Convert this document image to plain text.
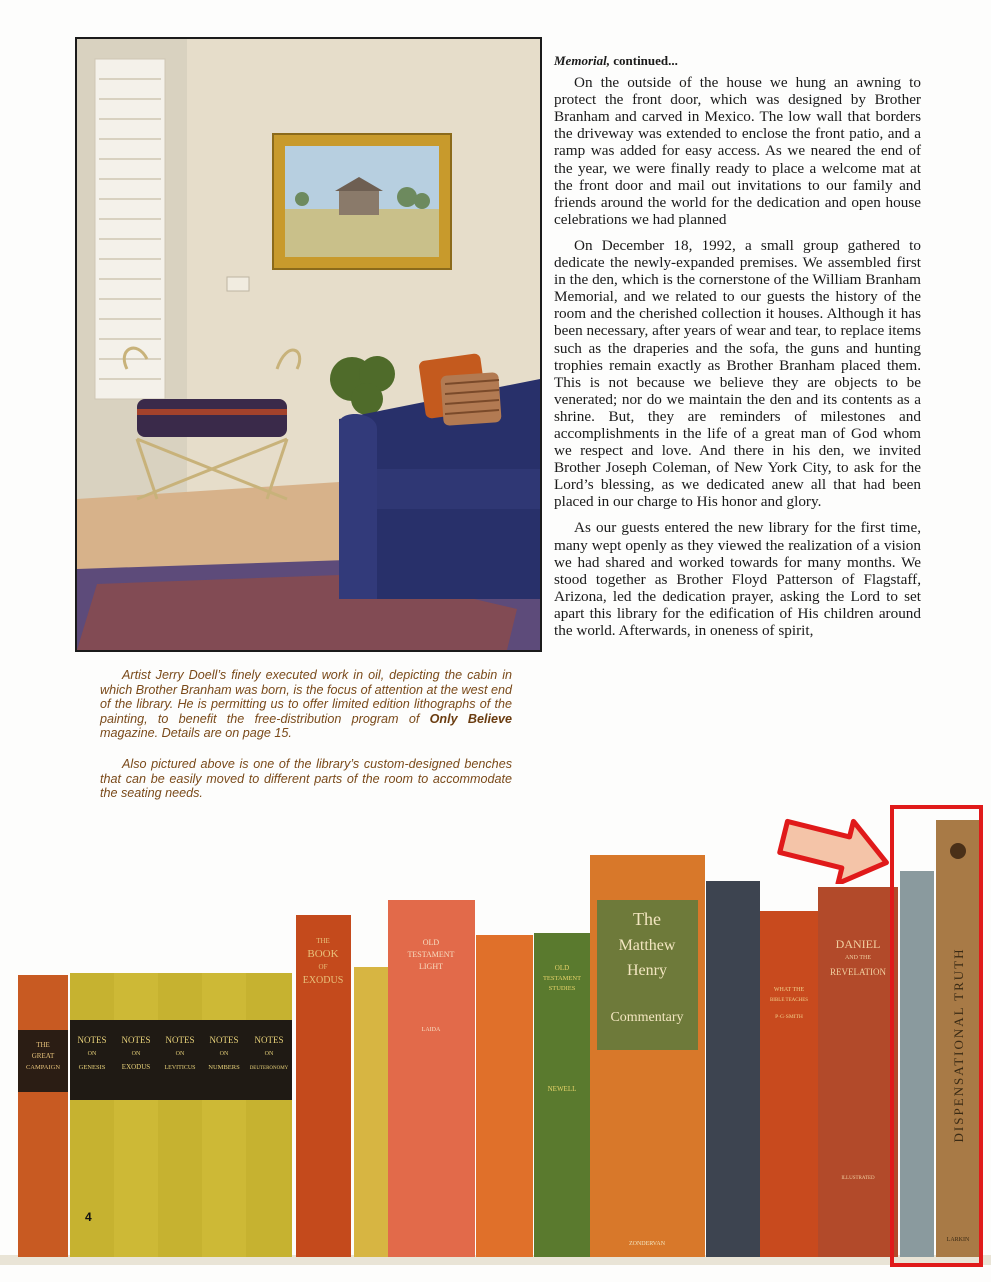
Artist Jerry Doell’s finely executed work in oil, depicting the cabin in which Brother Branham was born, is the focus of attention at the west end of the library. He is permitting us to offer limited edition lithographs of the painting, to benefit the free-distribution program of Only Believe magazine. Details are on page 15.

Also pictured above is one of the library’s custom-designed benches that can be easily moved to different parts of the room to accommodate the seating needs.

Memorial, continued...

On the outside of the house we hung an awning to protect the front door, which was designed by Brother Branham and carved in Mexico. The low wall that borders the driveway was extended to enclose the front patio, and a ramp was added for easy access. As we neared the end of the year, we were finally ready to place a welcome mat at the front door and mail out invitations to our family and friends around the world for the dedication and open house celebrations we had planned

On December 18, 1992, a small group gathered to dedicate the newly-expanded premises. We assembled first in the den, which is the cornerstone of the William Branham Memorial, and we related to our guests the history of the room and the cherished collection it houses. Although it has been necessary, after years of wear and tear, to replace items such as the draperies and the sofa, the guns and hunting trophies remain exactly as Brother Branham placed them. This is not because we believe they are objects to be venerated; nor do we maintain the den and its contents as a shrine. But, they are reminders of milestones and accomplishments in the life of a great man of God whom we respect and love. And there in his den, we invited Brother Joseph Coleman, of New York City, to ask for the Lord’s blessing, as we dedicated anew all that had been placed in our charge to His honor and glory.

As our guests entered the new library for the first time, many wept openly as they viewed the realization of a vision we had shared and worked towards for many months. We stood together as Brother Floyd Patterson of Flagstaff, Arizona, led the dedication prayer, asking the Lord to set apart this library for the edification of His children around the world. Afterwards, in oneness of spirit,

THE
GREAT
CAMPAIGN
NOTES
ON
GENESIS
NOTES
ON
EXODUS
NOTES
ON
LEVITICUS
NOTES
ON
NUMBERS
NOTES
ON
DEUTERONOMY
THE
BOOK
OF
EXODUS
OLD
TESTAMENT
LIGHT
LAIDA
OLD
TESTAMENT
STUDIES
NEWELL
The
Matthew
Henry
Commentary
ZONDERVAN
WHAT THE
BIBLE TEACHES
P·G·SMITH
DANIEL
AND THE
REVELATION
ILLUSTRATED
DISPENSATIONAL TRUTH
LARKIN
4
